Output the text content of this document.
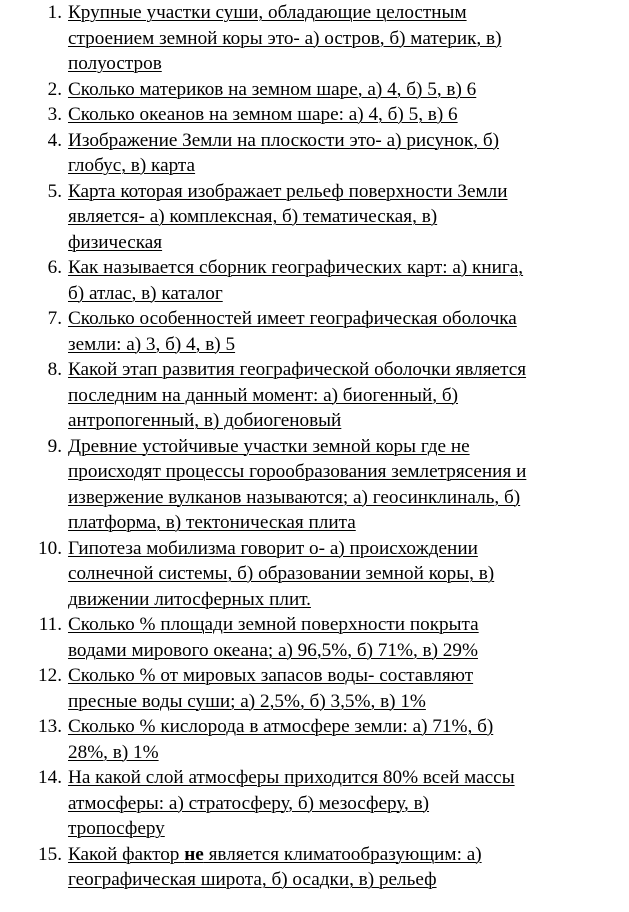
1. Крупные участки суши, обладающие целостным
строением земной коры это- а) остров, б) материк, в)
полуостров
2. Сколько материков на земном шаре, а) 4, б) 5, в) 6
3. Сколько океанов на земном шаре: а) 4, б) 5, в) 6
4. Изображение Земли на плоскости это- а) рисунок, б)
глобус, в) карта
5. Карта которая изображает рельеф поверхности Земли
является- а) комплексная, б) тематическая, в)
физическая
6. Как называется сборник географических карт: а) книга,
б) атлас, в) каталог
7. Сколько особенностей имеет географическая оболочка
земли: а) 3, б) 4, в) 5
8. Какой этап развития географической оболочки является
последним на данный момент: а) биогенный, б)
антропогенный, в) добиогеновый
9. Древние устойчивые участки земной коры где не
происходят процессы горообразования землетрясения и
извержение вулканов называются; а) геосинклиналь, б)
платформа, в) тектоническая плита
10. Гипотеза мобилизма говорит о- а) происхождении
солнечной системы, б) образовании земной коры, в)
движении литосферных плит.
11. Сколько % площади земной поверхности покрыта
водами мирового океана; а) 96,5%, б) 71%, в) 29%
12. Сколько % от мировых запасов воды- составляют
пресные воды суши; а) 2,5%, б) 3,5%, в) 1%
13. Сколько % кислорода в атмосфере земли: а) 71%, б)
28%, в) 1%
14. На какой слой атмосферы приходится 80% всей массы
атмосферы: а) стратосферу, б) мезосферу, в)
тропосферу
15. Какой фактор не является климатообразующим: а)
географическая широта, б) осадки, в) рельеф
